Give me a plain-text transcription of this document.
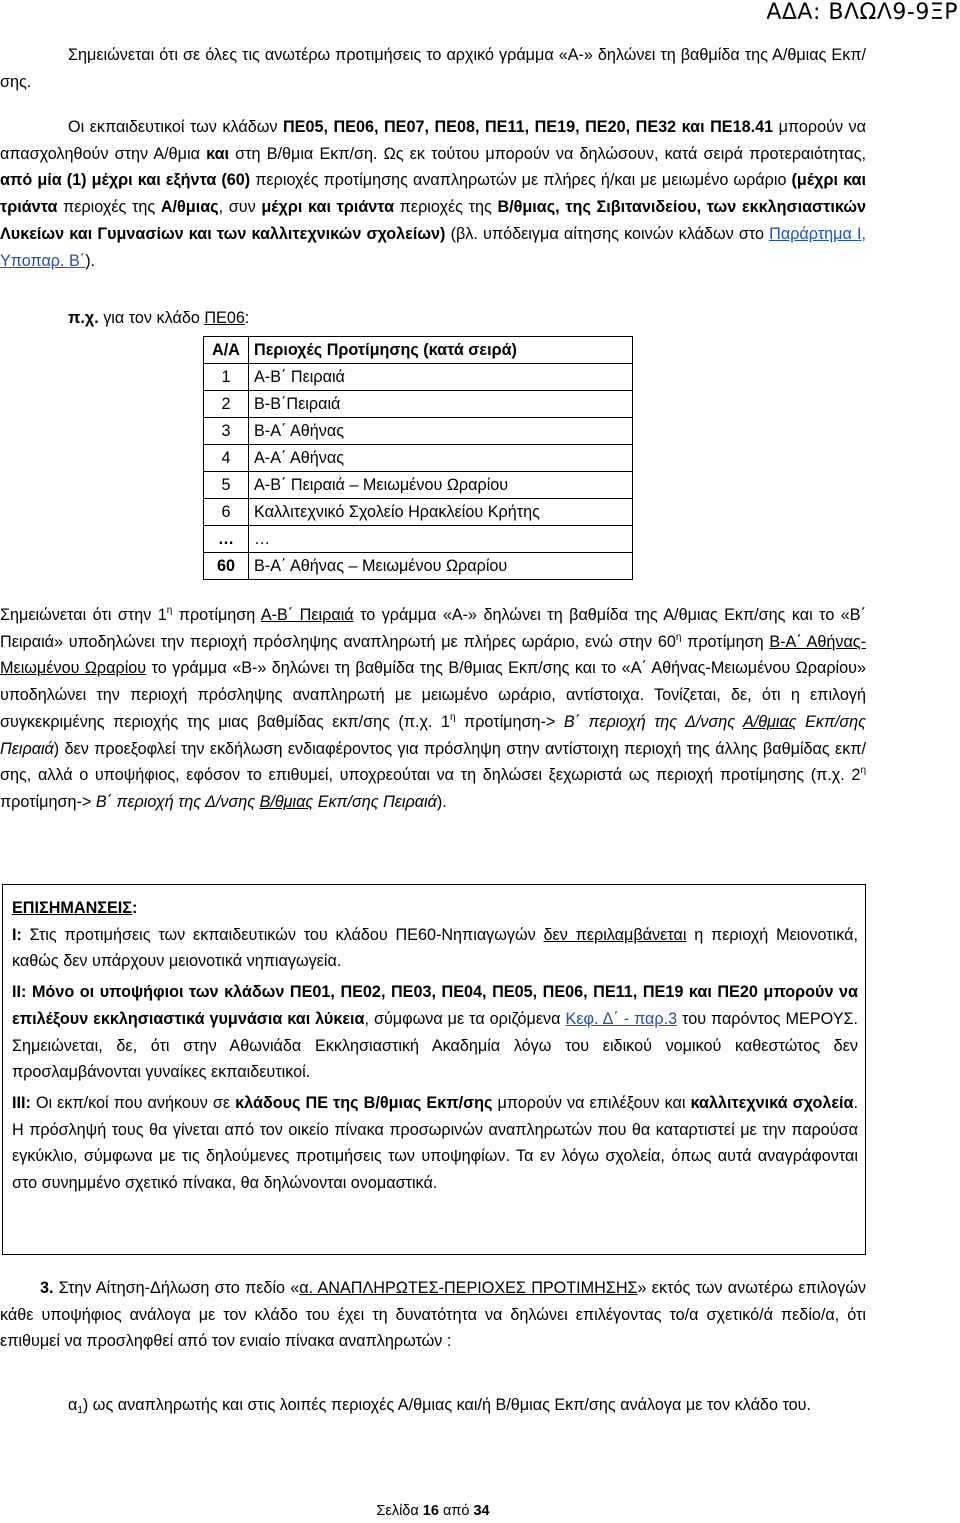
ΑΔΑ: ΒΛΩΛ9-9ΞΡ

Σημειώνεται ότι σε όλες τις ανωτέρω προτιμήσεις το αρχικό γράμμα «Α-» δηλώνει τη βαθμίδα της Α/θμιας Εκπ/σης.

Οι εκπαιδευτικοί των κλάδων ΠΕ05, ΠΕ06, ΠΕ07, ΠΕ08, ΠΕ11, ΠΕ19, ΠΕ20, ΠΕ32 και ΠΕ18.41 μπορούν να απασχοληθούν στην Α/θμια και στη Β/θμια Εκπ/ση. Ως εκ τούτου μπορούν να δηλώσουν, κατά σειρά προτεραιότητας, από μία (1) μέχρι και εξήντα (60) περιοχές προτίμησης αναπληρωτών με πλήρες ή/και με μειωμένο ωράριο (μέχρι και τριάντα περιοχές της Α/θμιας, συν μέχρι και τριάντα περιοχές της Β/θμιας, της Σιβιτανιδείου, των εκκλησιαστικών Λυκείων και Γυμνασίων και των καλλιτεχνικών σχολείων) (βλ. υπόδειγμα αίτησης κοινών κλάδων στο Παράρτημα Ι, Υποπαρ. Β΄).

π.χ. για τον κλάδο ΠΕ06:

Α/Α	Περιοχές Προτίμησης (κατά σειρά)
1	Α-Β΄ Πειραιά
2	Β-Β΄Πειραιά
3	Β-Α΄ Αθήνας
4	Α-Α΄ Αθήνας
5	Α-Β΄ Πειραιά – Μειωμένου Ωραρίου
6	Καλλιτεχνικό Σχολείο Ηρακλείου Κρήτης
…	…
60	Β-Α΄ Αθήνας – Μειωμένου Ωραρίου

Σημειώνεται ότι στην $1^\eta$ προτίμηση Α-Β΄ Πειραιά το γράμμα «Α-» δηλώνει τη βαθμίδα της Α/θμιας Εκπ/σης και το «Β΄ Πειραιά» υποδηλώνει την περιοχή πρόσληψης αναπληρωτή με πλήρες ωράριο, ενώ στην $60^\eta$ προτίμηση Β-Α΄ Αθήνας-Μειωμένου Ωραρίου το γράμμα «Β-» δηλώνει τη βαθμίδα της Β/θμιας Εκπ/σης και το «Α΄ Αθήνας-Μειωμένου Ωραρίου» υποδηλώνει την περιοχή πρόσληψης αναπληρωτή με μειωμένο ωράριο, αντίστοιχα. Τονίζεται, δε, ότι η επιλογή συγκεκριμένης περιοχής της μιας βαθμίδας εκπ/σης (π.χ. $1^\eta$ προτίμηση-> Β΄ περιοχή της Δ/νσης Α/θμιας Εκπ/σης Πειραιά) δεν προεξοφλεί την εκδήλωση ενδιαφέροντος για πρόσληψη στην αντίστοιχη περιοχή της άλλης βαθμίδας εκπ/σης, αλλά ο υποψήφιος, εφόσον το επιθυμεί, υποχρεούται να τη δηλώσει ξεχωριστά ως περιοχή προτίμησης (π.χ. $2^\eta$ προτίμηση-> Β΄ περιοχή της Δ/νσης Β/θμιας Εκπ/σης Πειραιά).

ΕΠΙΣΗΜΑΝΣΕΙΣ:

Ι: Στις προτιμήσεις των εκπαιδευτικών του κλάδου ΠΕ60-Νηπιαγωγών δεν περιλαμβάνεται η περιοχή Μειονοτικά, καθώς δεν υπάρχουν μειονοτικά νηπιαγωγεία.

ΙΙ: Μόνο οι υποψήφιοι των κλάδων ΠΕ01, ΠΕ02, ΠΕ03, ΠΕ04, ΠΕ05, ΠΕ06, ΠΕ11, ΠΕ19 και ΠΕ20 μπορούν να επιλέξουν εκκλησιαστικά γυμνάσια και λύκεια, σύμφωνα με τα οριζόμενα Κεφ. Δ΄ - παρ.3 του παρόντος ΜΕΡΟΥΣ. Σημειώνεται, δε, ότι στην Αθωνιάδα Εκκλησιαστική Ακαδημία λόγω του ειδικού νομικού καθεστώτος δεν προσλαμβάνονται γυναίκες εκπαιδευτικοί.

ΙΙΙ: Οι εκπ/κοί που ανήκουν σε κλάδους ΠΕ της Β/θμιας Εκπ/σης μπορούν να επιλέξουν και καλλιτεχνικά σχολεία. Η πρόσληψή τους θα γίνεται από τον οικείο πίνακα προσωρινών αναπληρωτών που θα καταρτιστεί με την παρούσα εγκύκλιο, σύμφωνα με τις δηλούμενες προτιμήσεις των υποψηφίων. Τα εν λόγω σχολεία, όπως αυτά αναγράφονται στο συνημμένο σχετικό πίνακα, θα δηλώνονται ονομαστικά.

3. Στην Αίτηση-Δήλωση στο πεδίο «α. ΑΝΑΠΛΗΡΩΤΕΣ-ΠΕΡΙΟΧΕΣ ΠΡΟΤΙΜΗΣΗΣ» εκτός των ανωτέρω επιλογών κάθε υποψήφιος ανάλογα με τον κλάδο του έχει τη δυνατότητα να δηλώνει επιλέγοντας το/α σχετικό/ά πεδίο/α, ότι επιθυμεί να προσληφθεί από τον ενιαίο πίνακα αναπληρωτών :

$\alpha_1$) ως αναπληρωτής και στις λοιπές περιοχές Α/θμιας και/ή Β/θμιας Εκπ/σης ανάλογα με τον κλάδο του.

Σελίδα 16 από 34
